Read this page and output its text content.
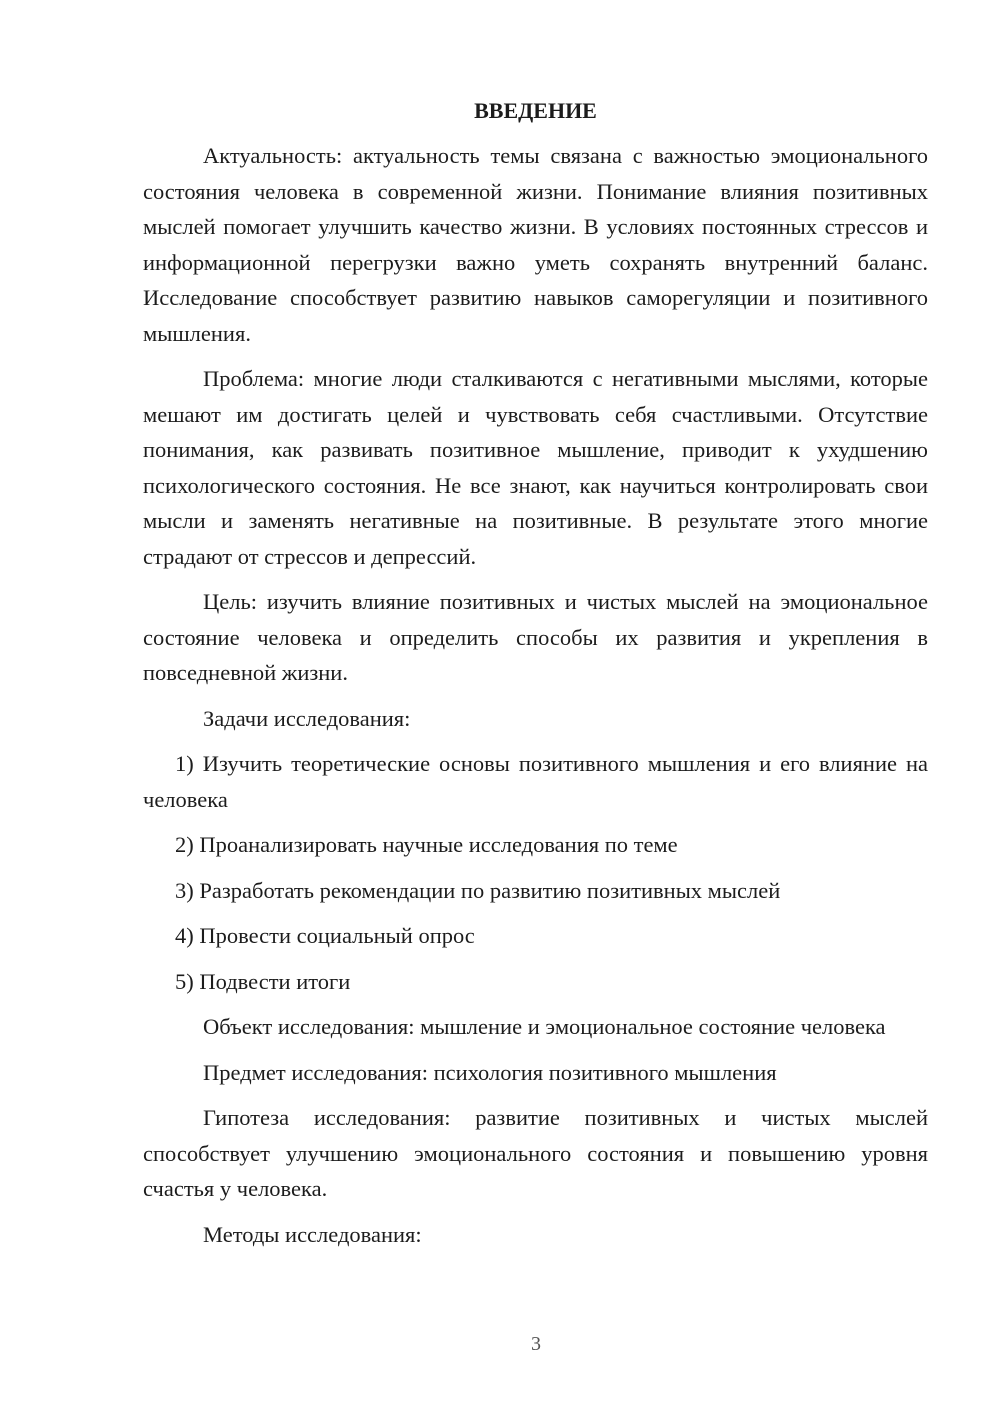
ВВЕДЕНИЕ

Актуальность: актуальность темы связана с важностью эмоционального состояния человека в современной жизни. Понимание влияния позитивных мыслей помогает улучшить качество жизни. В условиях постоянных стрессов и информационной перегрузки важно уметь сохранять внутренний баланс. Исследование способствует развитию навыков саморегуляции и позитивного мышления.

Проблема: многие люди сталкиваются с негативными мыслями, которые мешают им достигать целей и чувствовать себя счастливыми. Отсутствие понимания, как развивать позитивное мышление, приводит к ухудшению психологического состояния. Не все знают, как научиться контролировать свои мысли и заменять негативные на позитивные. В результате этого многие страдают от стрессов и депрессий.

Цель: изучить влияние позитивных и чистых мыслей на эмоциональное состояние человека и определить способы их развития и укрепления в повседневной жизни.

Задачи исследования:

1) Изучить теоретические основы позитивного мышления и его влияние на человека

2) Проанализировать научные исследования по теме

3) Разработать рекомендации по развитию позитивных мыслей

4) Провести социальный опрос

5) Подвести итоги

Объект исследования: мышление и эмоциональное состояние человека

Предмет исследования: психология позитивного мышления

Гипотеза исследования: развитие позитивных и чистых мыслей способствует улучшению эмоционального состояния и повышению уровня счастья у человека.

Методы исследования:

3
